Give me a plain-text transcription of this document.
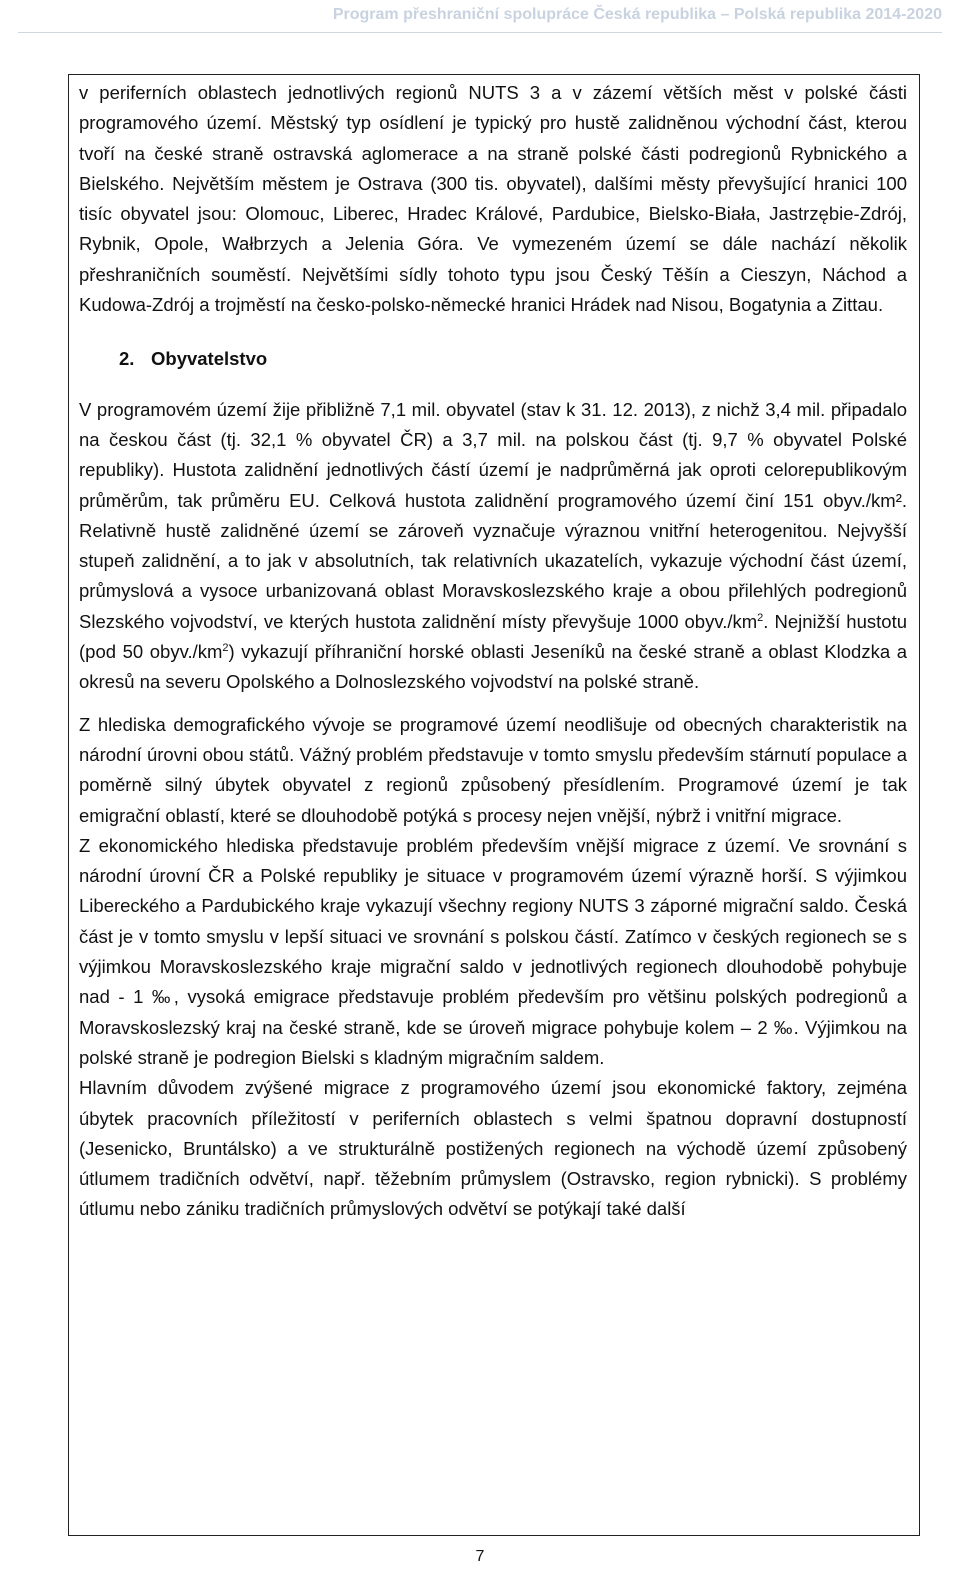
Program přeshraniční spolupráce Česká republika – Polská republika 2014-2020

v periferních oblastech jednotlivých regionů NUTS 3 a v zázemí větších měst v polské části programového území. Městský typ osídlení je typický pro hustě zalidněnou východní část, kterou tvoří na české straně ostravská aglomerace a na straně polské části podregionů Rybnického a Bielského. Největším městem je Ostrava (300 tis. obyvatel), dalšími městy převyšující hranici 100 tisíc obyvatel jsou: Olomouc, Liberec, Hradec Králové, Pardubice, Bielsko-Biała, Jastrzębie-Zdrój, Rybnik, Opole, Wałbrzych a Jelenia Góra. Ve vymezeném území se dále nachází několik přeshraničních souměstí. Největšími sídly tohoto typu jsou Český Těšín a Cieszyn, Náchod a Kudowa-Zdrój a trojměstí na česko-polsko-německé hranici Hrádek nad Nisou, Bogatynia a Zittau.

2. Obyvatelstvo

V programovém území žije přibližně 7,1 mil. obyvatel (stav k 31. 12. 2013), z nichž 3,4 mil. připadalo na českou část (tj. 32,1 % obyvatel ČR) a 3,7 mil. na polskou část (tj. 9,7 % obyvatel Polské republiky). Hustota zalidnění jednotlivých částí území je nadprůměrná jak oproti celorepublikovým průměrům, tak průměru EU. Celková hustota zalidnění programového území činí 151 obyv./km². Relativně hustě zalidněné území se zároveň vyznačuje výraznou vnitřní heterogenitou. Nejvyšší stupeň zalidnění, a to jak v absolutních, tak relativních ukazatelích, vykazuje východní část území, průmyslová a vysoce urbanizovaná oblast Moravskoslezského kraje a obou přilehlých podregionů Slezského vojvodství, ve kterých hustota zalidnění místy převyšuje 1000 $obyv./km^2$. Nejnižší hustotu (pod 50 $obyv./km^2$) vykazují příhraniční horské oblasti Jeseníků na české straně a oblast Klodzka a okresů na severu Opolského a Dolnoslezského vojvodství na polské straně.

Z hlediska demografického vývoje se programové území neodlišuje od obecných charakteristik na národní úrovni obou států. Vážný problém představuje v tomto smyslu především stárnutí populace a poměrně silný úbytek obyvatel z regionů způsobený přesídlením. Programové území je tak emigrační oblastí, které se dlouhodobě potýká s procesy nejen vnější, nýbrž i vnitřní migrace.

Z ekonomického hlediska představuje problém především vnější migrace z území. Ve srovnání s národní úrovní ČR a Polské republiky je situace v programovém území výrazně horší. S výjimkou Libereckého a Pardubického kraje vykazují všechny regiony NUTS 3 záporné migrační saldo. Česká část je v tomto smyslu v lepší situaci ve srovnání s polskou částí. Zatímco v českých regionech se s výjimkou Moravskoslezského kraje migrační saldo v jednotlivých regionech dlouhodobě pohybuje nad - 1 ‰, vysoká emigrace představuje problém především pro většinu polských podregionů a Moravskoslezský kraj na české straně, kde se úroveň migrace pohybuje kolem – 2 ‰. Výjimkou na polské straně je podregion Bielski s kladným migračním saldem.

Hlavním důvodem zvýšené migrace z programového území jsou ekonomické faktory, zejména úbytek pracovních příležitostí v periferních oblastech s velmi špatnou dopravní dostupností (Jesenicko, Bruntálsko) a ve strukturálně postižených regionech na východě území způsobený útlumem tradičních odvětví, např. těžebním průmyslem (Ostravsko, region rybnicki). S problémy útlumu nebo zániku tradičních průmyslových odvětví se potýkají také další

7
